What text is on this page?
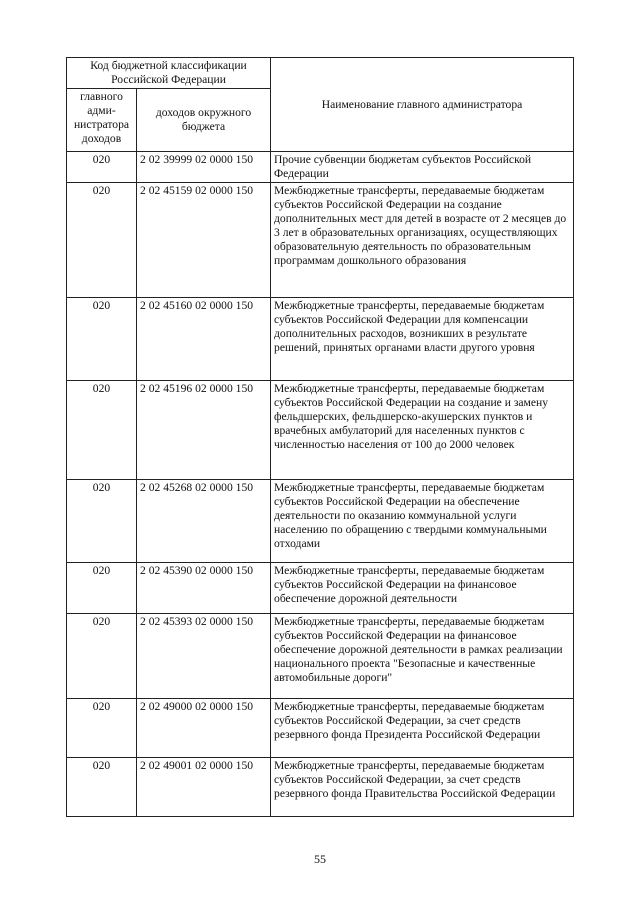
Код бюджетной классификации Российской Федерации		Наименование главного администратора
главного адми-нистратора доходов	доходов окружного бюджета	
020	2 02 39999 02 0000 150	Прочие субвенции бюджетам субъектов Российской Федерации
020	2 02 45159 02 0000 150	Межбюджетные трансферты, передаваемые бюджетам субъектов Российской Федерации на создание дополнительных мест для детей в возрасте от 2 месяцев до 3 лет в образовательных организациях, осуществляющих образовательную деятельность по образовательным программам дошкольного образования
020	2 02 45160 02 0000 150	Межбюджетные трансферты, передаваемые бюджетам субъектов Российской Федерации для компенсации дополнительных расходов, возникших в результате решений, принятых органами власти другого уровня
020	2 02 45196 02 0000 150	Межбюджетные трансферты, передаваемые бюджетам субъектов Российской Федерации на создание и замену фельдшерских, фельдшерско-акушерских пунктов и врачебных амбулаторий для населенных пунктов с численностью населения от 100 до 2000 человек
020	2 02 45268 02 0000 150	Межбюджетные трансферты, передаваемые бюджетам субъектов Российской Федерации на обеспечение деятельности по оказанию коммунальной услуги населению по обращению с твердыми коммунальными отходами
020	2 02 45390 02 0000 150	Межбюджетные трансферты, передаваемые бюджетам субъектов Российской Федерации на финансовое обеспечение дорожной деятельности
020	2 02 45393 02 0000 150	Межбюджетные трансферты, передаваемые бюджетам субъектов Российской Федерации на финансовое обеспечение дорожной деятельности в рамках реализации национального проекта "Безопасные и качественные автомобильные дороги"
020	2 02 49000 02 0000 150	Межбюджетные трансферты, передаваемые бюджетам субъектов Российской Федерации, за счет средств резервного фонда Президента Российской Федерации
020	2 02 49001 02 0000 150	Межбюджетные трансферты, передаваемые бюджетам субъектов Российской Федерации, за счет средств резервного фонда Правительства Российской Федерации
55
